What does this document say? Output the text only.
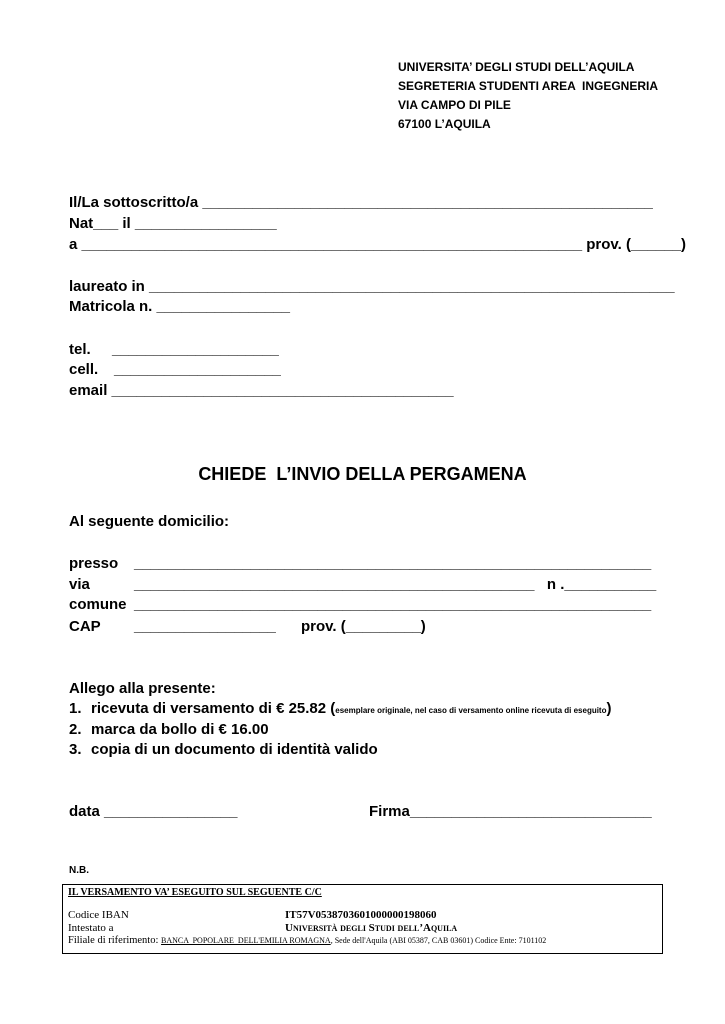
UNIVERSITA’ DEGLI STUDI DELL’AQUILA
SEGRETERIA STUDENTI AREA  INGEGNERIA
VIA CAMPO DI PILE
67100 L’AQUILA
Il/La sottoscritto/a ______________________________________________________
Nat___ il _________________
a ____________________________________________________________ prov. (______)
laureato in _______________________________________________________________
Matricola n. ________________
tel. ____________________
cell. ____________________
email _________________________________________
CHIEDE  L’INVIO DELLA PERGAMENA
Al seguente domicilio:
presso ______________________________________________________________
via	________________________________________________   n .___________
comune ______________________________________________________________
CAP _________________ prov. (_________)
Allego alla presente:
1. ricevuta di versamento di € 25.82 (esemplare originale, nel caso di versamento online ricevuta di eseguito)
2. marca da bollo di € 16.00
3. copia di un documento di identità valido
data ________________	Firma_____________________________
N.B.
IL VERSAMENTO VA’ ESEGUITO SUL SEGUENTE C/C
Codice IBAN	IT57V0538703601000000198060
Intestato a	Università degli Studi dell’Aquila
Filiale di riferimento: BANCA  POPOLARE  DELL'EMILIA ROMAGNA, Sede dell'Aquila (ABI 05387, CAB 03601) Codice Ente: 7101102
